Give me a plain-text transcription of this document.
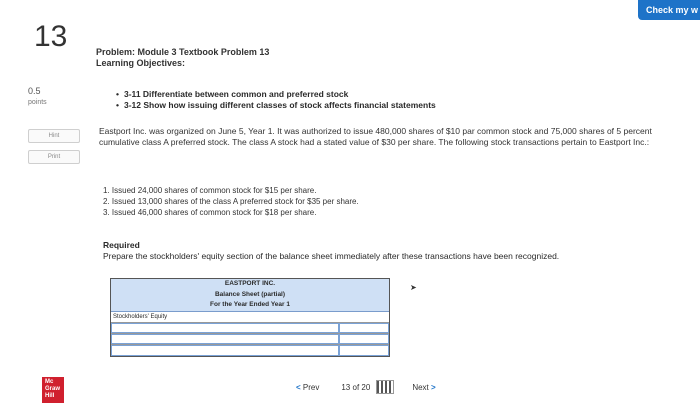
Check my w
13
0.5
points
Hint
Print
Mc Graw Hill
Problem: Module 3 Textbook Problem 13
Learning Objectives:
• 3-11 Differentiate between common and preferred stock
• 3-12 Show how issuing different classes of stock affects financial statements
Eastport Inc. was organized on June 5, Year 1. It was authorized to issue 480,000 shares of $10 par common stock and 75,000 shares of 5 percent cumulative class A preferred stock. The class A stock had a stated value of $30 per share. The following stock transactions pertain to Eastport Inc.:
1. Issued 24,000 shares of common stock for $15 per share.
2. Issued 13,000 shares of the class A preferred stock for $35 per share.
3. Issued 46,000 shares of common stock for $18 per share.
Required
Prepare the stockholders' equity section of the balance sheet immediately after these transactions have been recognized.
EASTPORT INC.
Balance Sheet (partial)
For the Year Ended Year 1
Stockholders' Equity
➤
< Prev	13 of 20	Next >
